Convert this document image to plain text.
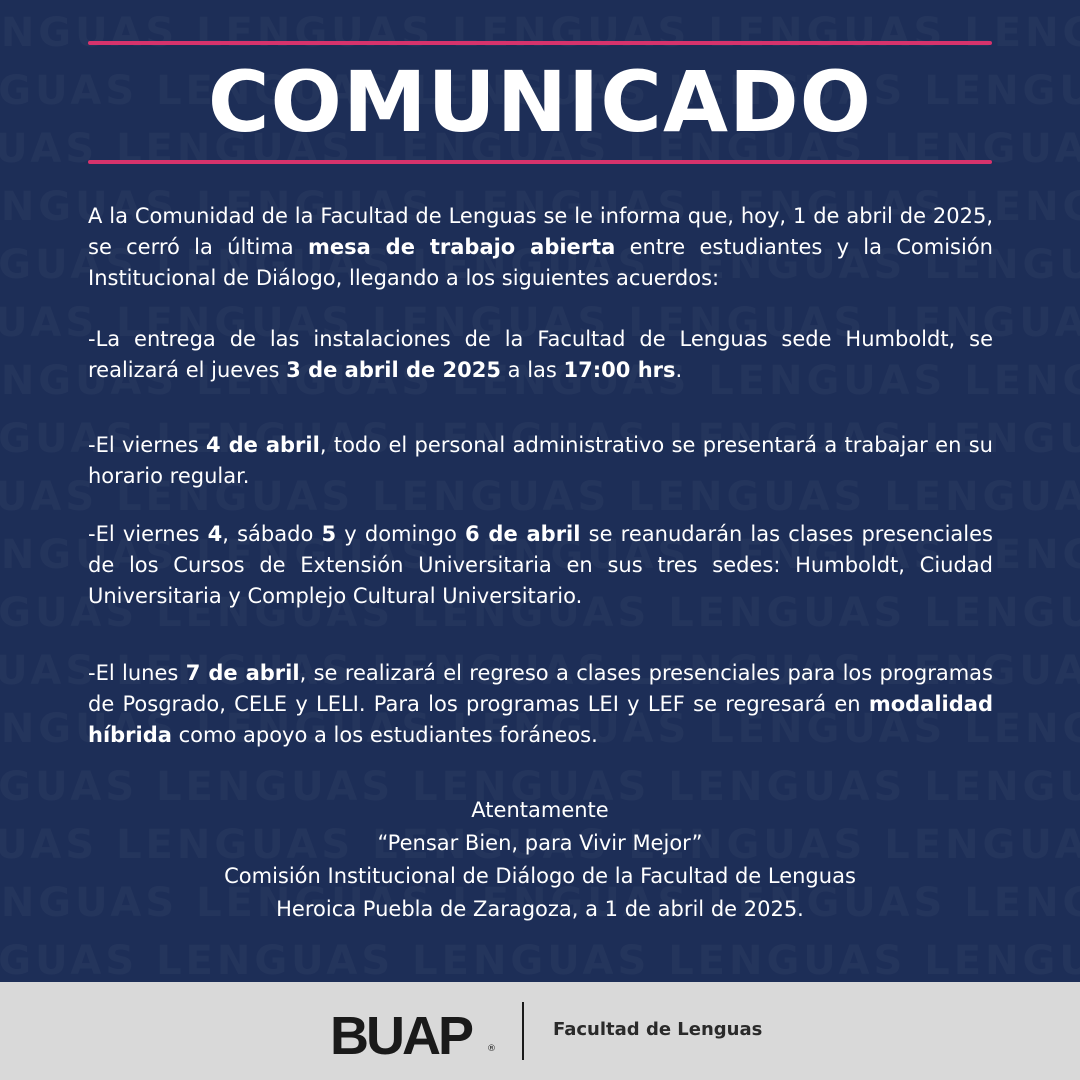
COMUNICADO
A la Comunidad de la Facultad de Lenguas se le informa que, hoy, 1 de abril de 2025, se cerró la última mesa de trabajo abierta entre estudiantes y la Comisión Institucional de Diálogo, llegando a los siguientes acuerdos:
-La entrega de las instalaciones de la Facultad de Lenguas sede Humboldt, se realizará el jueves 3 de abril de 2025 a las 17:00 hrs.
-El viernes 4 de abril, todo el personal administrativo se presentará a trabajar en su horario regular.
-El viernes 4, sábado 5 y domingo 6 de abril se reanudarán las clases presenciales de los Cursos de Extensión Universitaria en sus tres sedes: Humboldt, Ciudad Universitaria y Complejo Cultural Universitario.
-El lunes 7 de abril, se realizará el regreso a clases presenciales para los programas de Posgrado, CELE y LELI. Para los programas LEI y LEF se regresará en modalidad híbrida como apoyo a los estudiantes foráneos.
Atentamente
“Pensar Bien, para Vivir Mejor”
Comisión Institucional de Diálogo de la Facultad de Lenguas
Heroica Puebla de Zaragoza, a 1 de abril de 2025.
BUAP ®
Facultad de Lenguas
